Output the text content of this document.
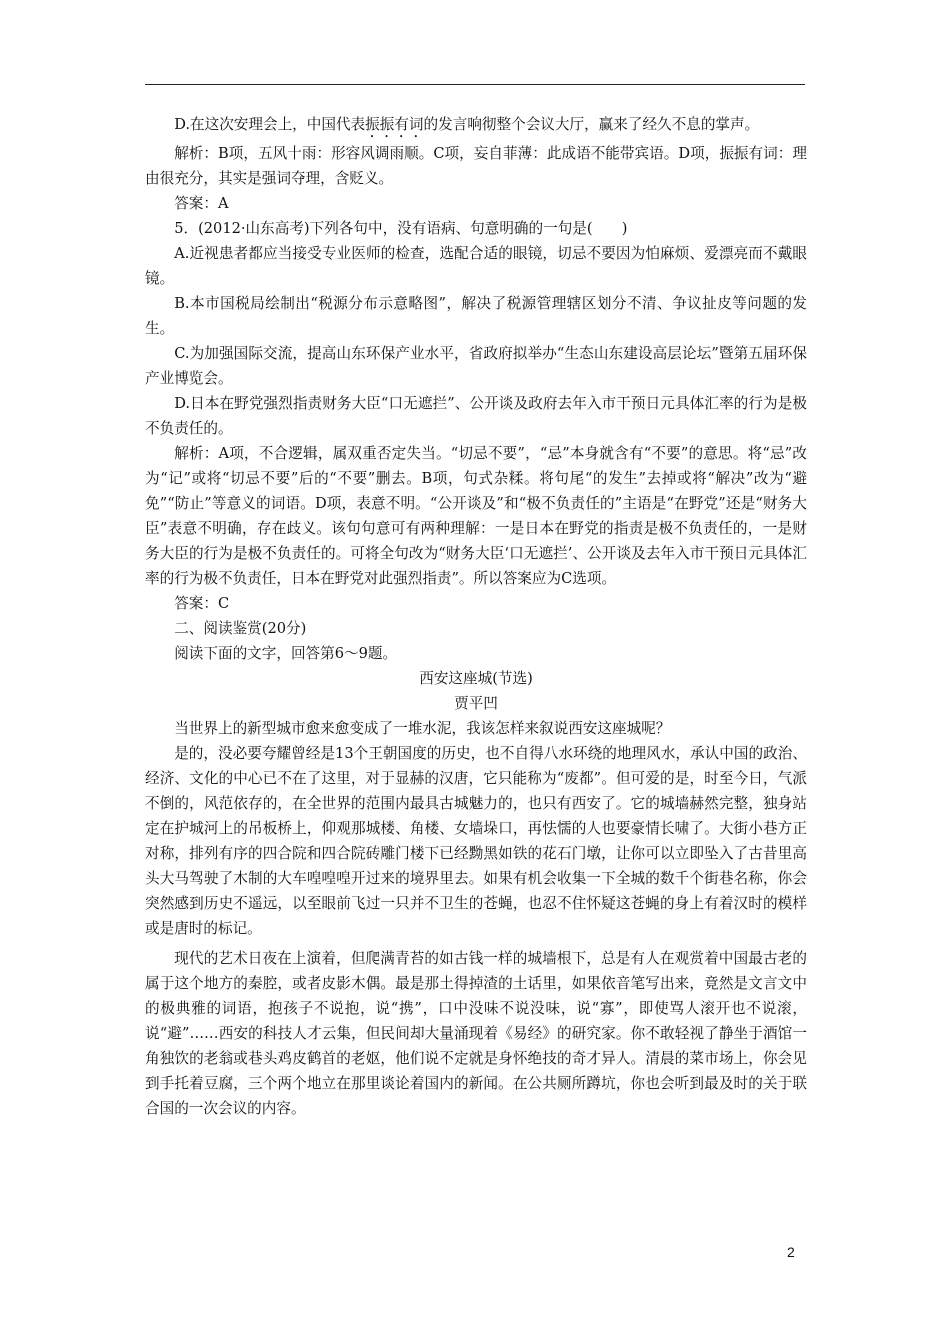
D.在这次安理会上，中国代表振振有词的发言响彻整个会议大厅，赢来了经久不息的掌声。

解析：B项，五风十雨：形容风调雨顺。C项，妄自菲薄：此成语不能带宾语。D项，振振有词：理由很充分，其实是强词夺理，含贬义。

答案：A

5．(2012·山东高考)下列各句中，没有语病、句意明确的一句是(　　)

A.近视患者都应当接受专业医师的检查，选配合适的眼镜，切忌不要因为怕麻烦、爱漂亮而不戴眼镜。

B.本市国税局绘制出“税源分布示意略图”，解决了税源管理辖区划分不清、争议扯皮等问题的发生。

C.为加强国际交流，提高山东环保产业水平，省政府拟举办“生态山东建设高层论坛”暨第五届环保产业博览会。

D.日本在野党强烈指责财务大臣“口无遮拦”、公开谈及政府去年入市干预日元具体汇率的行为是极不负责任的。

解析：A项，不合逻辑，属双重否定失当。“切忌不要”，“忌”本身就含有“不要”的意思。将“忌”改为“记”或将“切忌不要”后的“不要”删去。B项，句式杂糅。将句尾“的发生”去掉或将“解决”改为“避免”“防止”等意义的词语。D项，表意不明。“公开谈及”和“极不负责任的”主语是“在野党”还是“财务大臣”表意不明确，存在歧义。该句句意可有两种理解：一是日本在野党的指责是极不负责任的，一是财务大臣的行为是极不负责任的。可将全句改为“财务大臣‘口无遮拦’、公开谈及去年入市干预日元具体汇率的行为极不负责任，日本在野党对此强烈指责”。所以答案应为C选项。

答案：C

二、阅读鉴赏(20分)

阅读下面的文字，回答第6～9题。

西安这座城(节选)

贾平凹

当世界上的新型城市愈来愈变成了一堆水泥，我该怎样来叙说西安这座城呢？

是的，没必要夸耀曾经是13个王朝国度的历史，也不自得八水环绕的地理风水，承认中国的政治、经济、文化的中心已不在了这里，对于显赫的汉唐，它只能称为“废都”。但可爱的是，时至今日，气派不倒的，风范依存的，在全世界的范围内最具古城魅力的，也只有西安了。它的城墙赫然完整，独身站定在护城河上的吊板桥上，仰观那城楼、角楼、女墙垛口，再怯懦的人也要豪情长啸了。大街小巷方正对称，排列有序的四合院和四合院砖雕门楼下已经黝黑如铁的花石门墩，让你可以立即坠入了古昔里高头大马驾驶了木制的大车喤喤喤开过来的境界里去。如果有机会收集一下全城的数千个街巷名称，你会突然感到历史不遥远，以至眼前飞过一只并不卫生的苍蝇，也忍不住怀疑这苍蝇的身上有着汉时的模样或是唐时的标记。

现代的艺术日夜在上演着，但爬满青苔的如古钱一样的城墙根下，总是有人在观赏着中国最古老的属于这个地方的秦腔，或者皮影木偶。最是那土得掉渣的土话里，如果依音笔写出来，竟然是文言文中的极典雅的词语，抱孩子不说抱，说“携”，口中没味不说没味，说“寡”，即使骂人滚开也不说滚，说“避”……西安的科技人才云集，但民间却大量涌现着《易经》的研究家。你不敢轻视了静坐于酒馆一角独饮的老翁或巷头鸡皮鹤首的老妪，他们说不定就是身怀绝技的奇才异人。清晨的菜市场上，你会见到手托着豆腐，三个两个地立在那里谈论着国内的新闻。在公共厕所蹲坑，你也会听到最及时的关于联合国的一次会议的内容。

2
